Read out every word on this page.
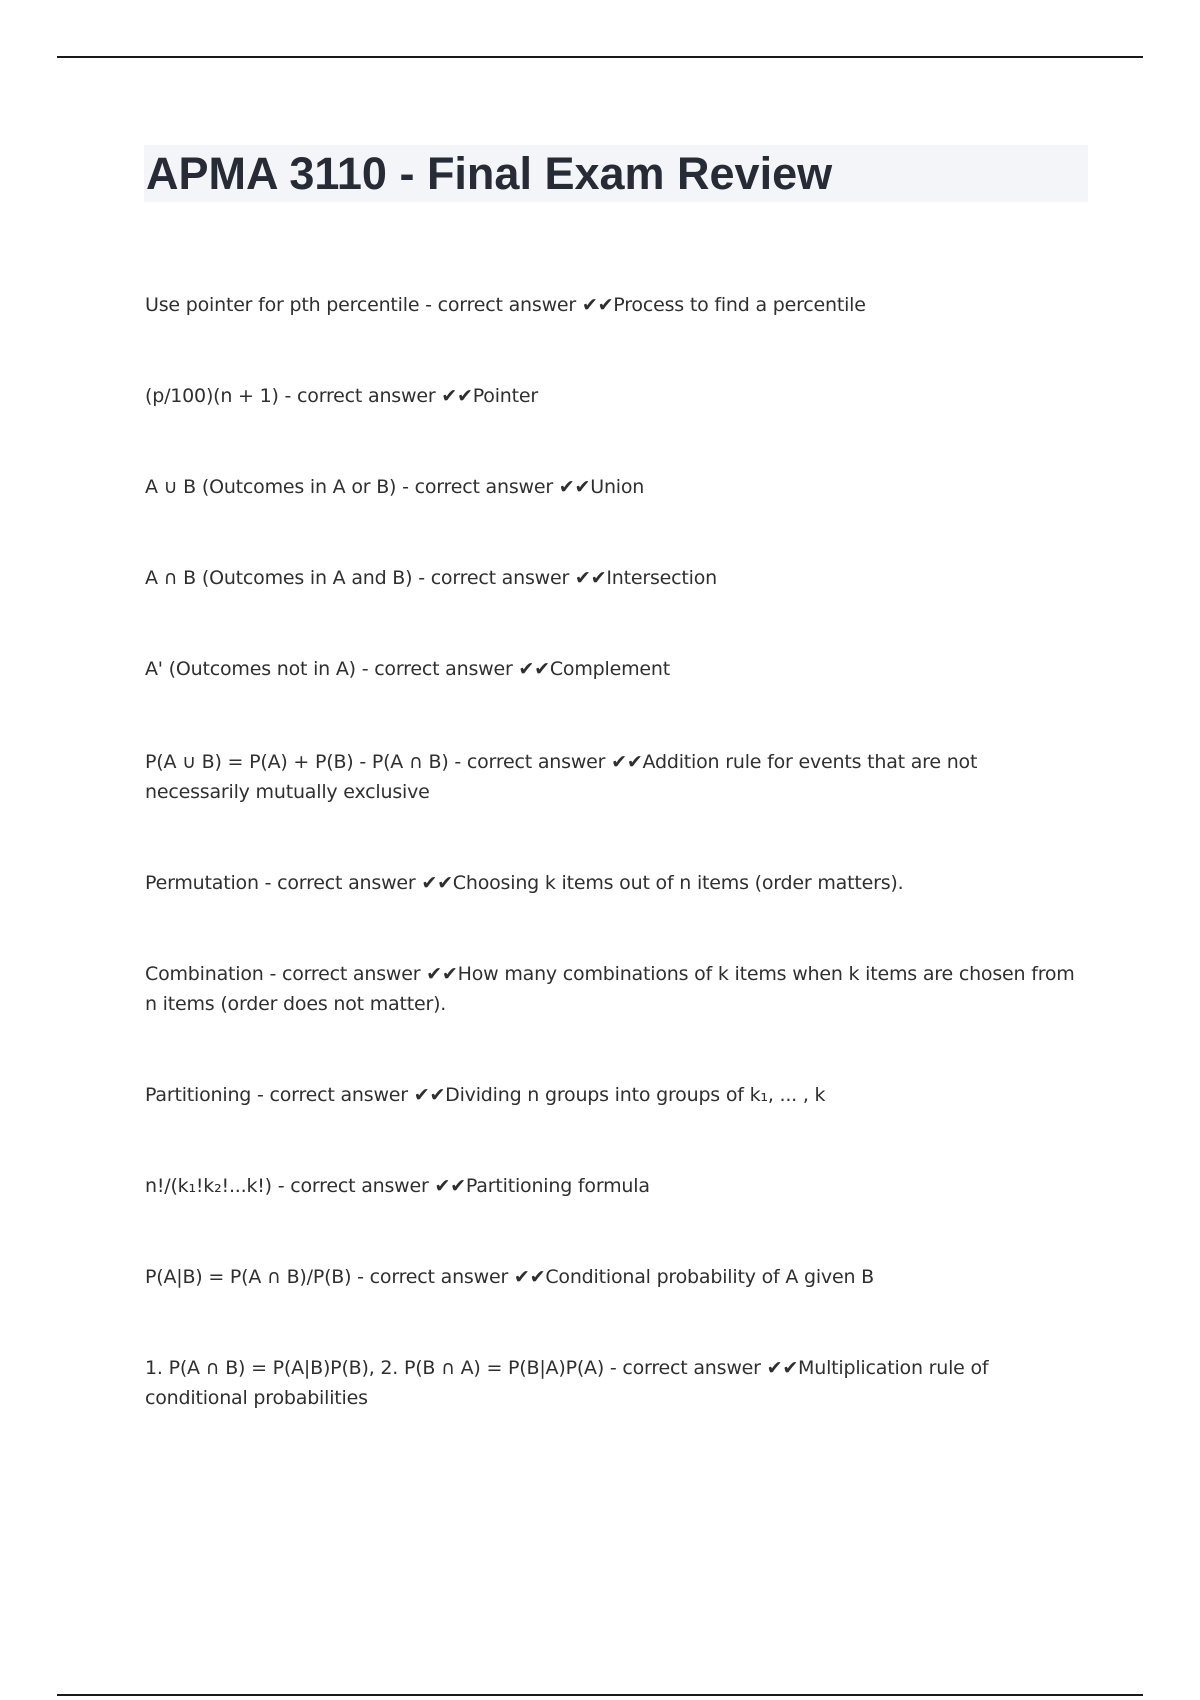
APMA 3110 - Final Exam Review

Use pointer for pth percentile - correct answer ✔✔Process to find a percentile

(p/100)(n + 1) - correct answer ✔✔Pointer

A ∪ B (Outcomes in A or B) - correct answer ✔✔Union

A ∩ B (Outcomes in A and B) - correct answer ✔✔Intersection

A' (Outcomes not in A) - correct answer ✔✔Complement

P(A ∪ B) = P(A) + P(B) - P(A ∩ B) - correct answer ✔✔Addition rule for events that are not necessarily mutually exclusive

Permutation - correct answer ✔✔Choosing k items out of n items (order matters).

Combination - correct answer ✔✔How many combinations of k items when k items are chosen from n items (order does not matter).

Partitioning - correct answer ✔✔Dividing n groups into groups of k₁, ... , k

n!/(k₁!k₂!...k!) - correct answer ✔✔Partitioning formula

P(A|B) = P(A ∩ B)/P(B) - correct answer ✔✔Conditional probability of A given B

1. P(A ∩ B) = P(A|B)P(B), 2. P(B ∩ A) = P(B|A)P(A) - correct answer ✔✔Multiplication rule of conditional probabilities
